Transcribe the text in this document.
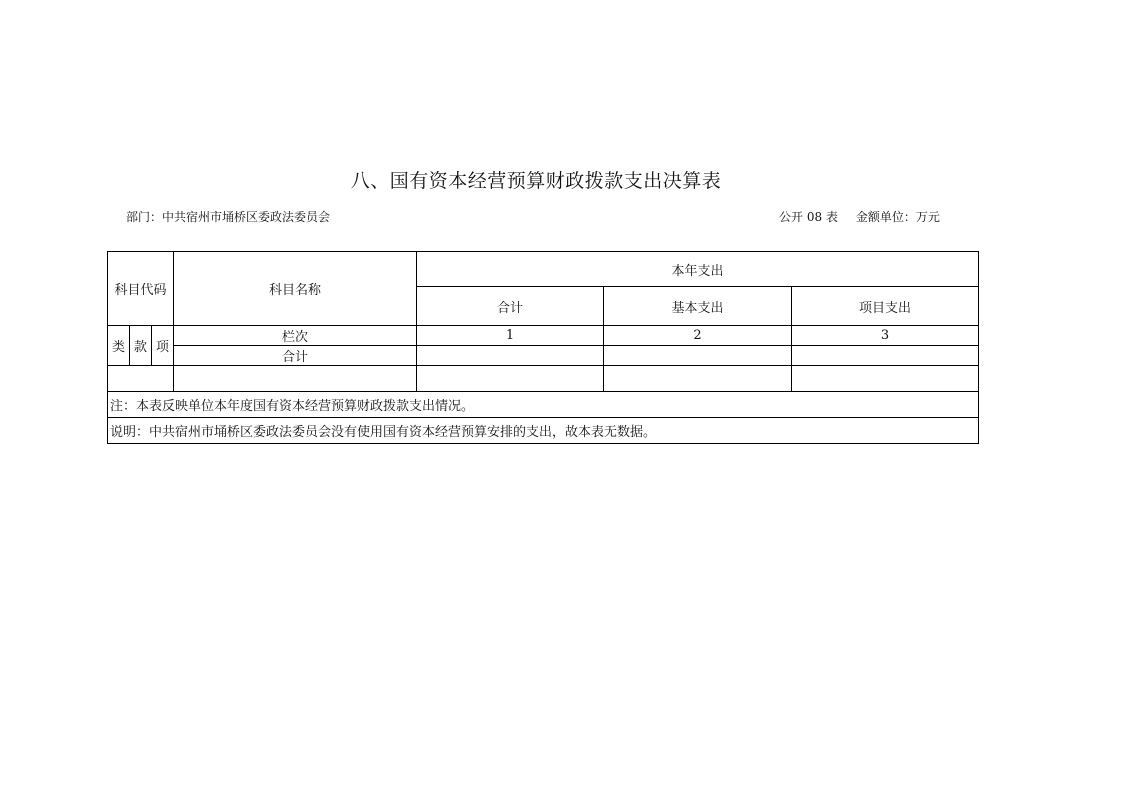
八、国有资本经营预算财政拨款支出决算表
部门：中共宿州市埇桥区委政法委员会	公开 08 表 金额单位：万元
科目代码			科目名称	本年支出		
				合计	基本支出	项目支出
类	款	项	栏次	1	2	3
			合计			

注：本表反映单位本年度国有资本经营预算财政拨款支出情况。						
说明：中共宿州市埇桥区委政法委员会没有使用国有资本经营预算安排的支出，故本表无数据。						
